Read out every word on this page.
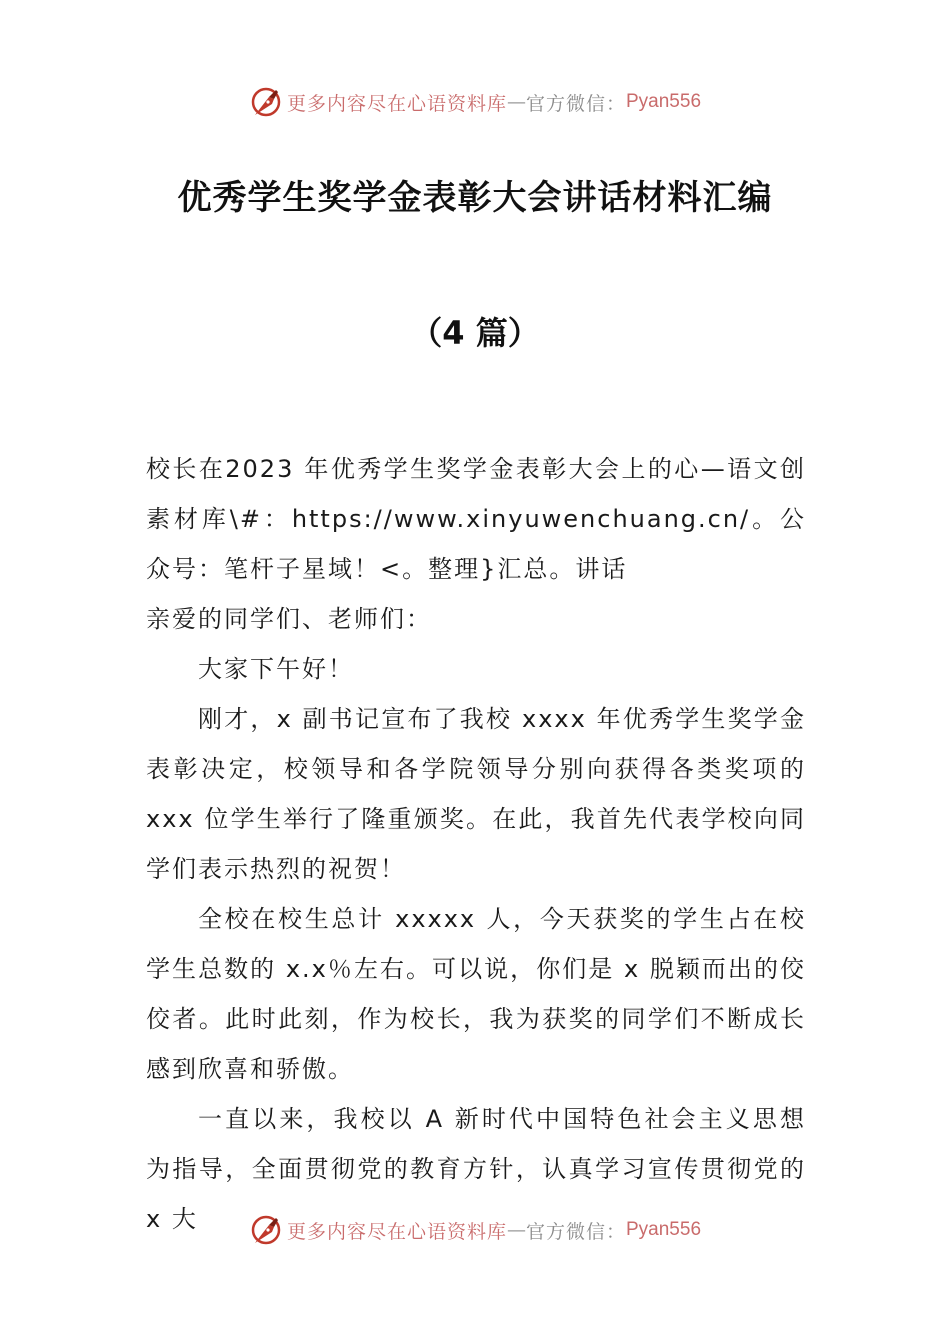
更多内容尽在心语资料库 — 官方微信： Pyan556
优秀学生奖学金表彰大会讲话材料汇编
（4 篇）

校长在2023 年优秀学生奖学金表彰大会上的心—语文创素材库\#：https://www.xinyuwenchuang.cn/。公众号：笔杆子星域！<。整理}汇总。讲话

亲爱的同学们、老师们：

大家下午好！

刚才，x 副书记宣布了我校 xxxx 年优秀学生奖学金表彰决定，校领导和各学院领导分别向获得各类奖项的 xxx 位学生举行了隆重颁奖。在此，我首先代表学校向同学们表示热烈的祝贺！

全校在校生总计 xxxxx 人，今天获奖的学生占在校学生总数的 x.x％左右。可以说，你们是 x 脱颖而出的佼佼者。此时此刻，作为校长，我为获奖的同学们不断成长感到欣喜和骄傲。

一直以来，我校以 A 新时代中国特色社会主义思想为指导，全面贯彻党的教育方针，认真学习宣传贯彻党的 x 大	更多内容尽在心语资料库 — 官方微信： Pyan556
